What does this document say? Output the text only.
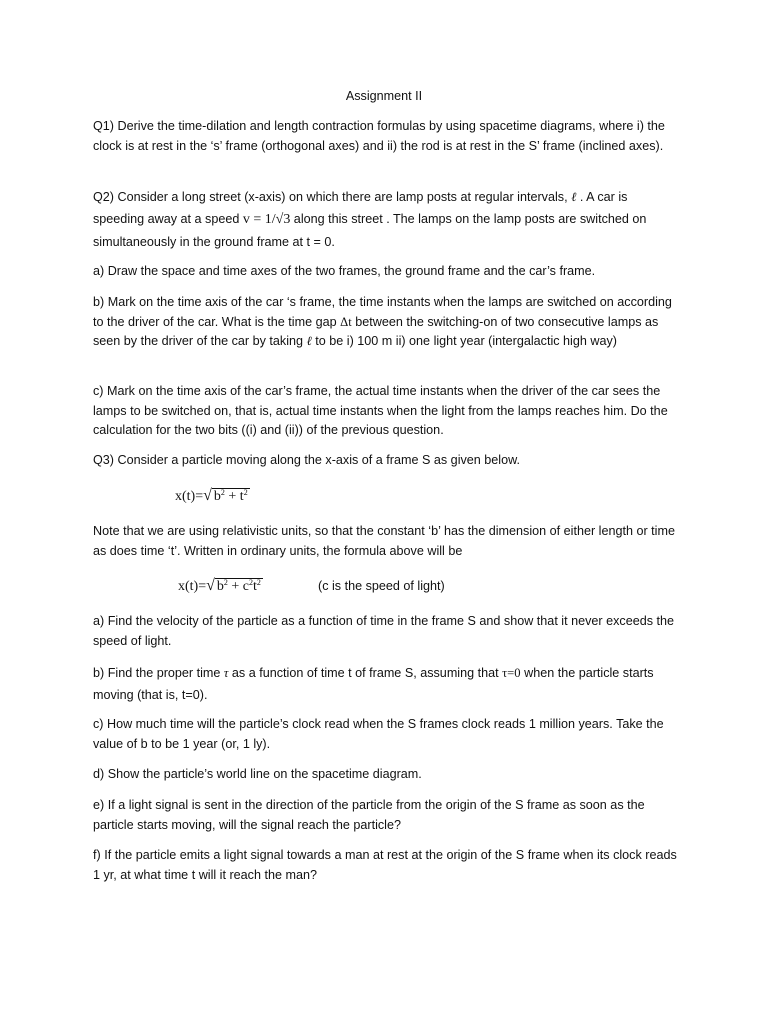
Assignment II

Q1) Derive the time-dilation and length contraction formulas by using spacetime diagrams, where i) the clock is at rest in the ‘s’ frame (orthogonal axes) and ii) the rod is at rest in the S’ frame (inclined axes).

Q2) Consider a long street (x-axis) on which there are lamp posts at regular intervals, ℓ . A car is speeding away at a speed v = 1/√3 along this street . The lamps on the lamp posts are switched on simultaneously in the ground frame at t = 0.

a) Draw the space and time axes of the two frames, the ground frame and the car’s frame.

b) Mark on the time axis of the car ‘s frame, the time instants when the lamps are switched on according to the driver of the car. What is the time gap Δt between the switching-on of two consecutive lamps as seen by the driver of the car by taking ℓ to be i) 100 m ii) one light year (intergalactic high way)

c) Mark on the time axis of the car’s frame, the actual time instants when the driver of the car sees the lamps to be switched on, that is, actual time instants when the light from the lamps reaches him. Do the calculation for the two bits ((i) and (ii)) of the previous question.

Q3) Consider a particle moving along the x-axis of a frame S as given below.

x(t)=√ $b^2 + t^2$

Note that we are using relativistic units, so that the constant ‘b’ has the dimension of either length or time as does time ‘t’. Written in ordinary units, the formula above will be

x(t)=√ $b^2 + c^2t^2$	(c is the speed of light)

a) Find the velocity of the particle as a function of time in the frame S and show that it never exceeds the speed of light.

b) Find the proper time τ as a function of time t of frame S, assuming that τ=0 when the particle starts moving (that is, t=0).

c) How much time will the particle’s clock read when the S frames clock reads 1 million years. Take the value of b to be 1 year (or, 1 ly).

d) Show the particle’s world line on the spacetime diagram.

e) If a light signal is sent in the direction of the particle from the origin of the S frame as soon as the particle starts moving, will the signal reach the particle?

f) If the particle emits a light signal towards a man at rest at the origin of the S frame when its clock reads 1 yr, at what time t will it reach the man?
